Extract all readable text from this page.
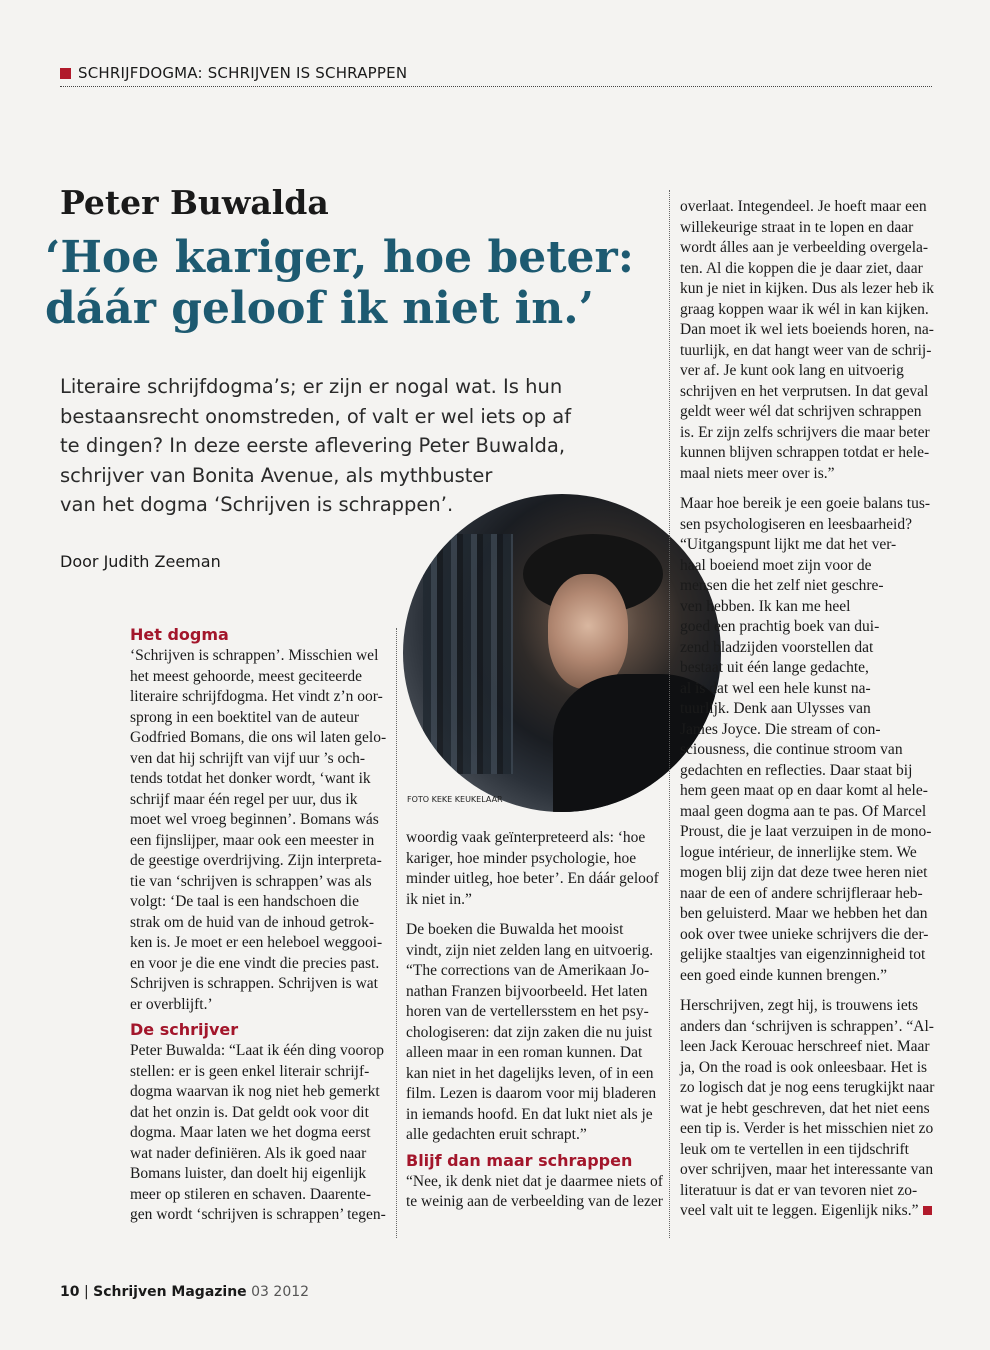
SCHRIJFDOGMA: SCHRIJVEN IS SCHRAPPEN
Peter Buwalda
‘Hoe kariger, hoe beter:
dáár geloof ik niet in.’
Literaire schrijfdogma’s; er zijn er nogal wat. Is hun
bestaansrecht onomstreden, of valt er wel iets op af
te dingen? In deze eerste aflevering Peter Buwalda,
schrijver van Bonita Avenue, als mythbuster
van het dogma ‘Schrijven is schrappen’.
Door Judith Zeeman
FOTO KEKE KEUKELAAR
Het dogma
‘Schrijven is schrappen’. Misschien wel
het meest gehoorde, meest geciteerde
literaire schrijfdogma. Het vindt z’n oor-
sprong in een boektitel van de auteur
Godfried Bomans, die ons wil laten gelo-
ven dat hij schrijft van vijf uur ’s och-
tends totdat het donker wordt, ‘want ik
schrijf maar één regel per uur, dus ik
moet wel vroeg beginnen’. Bomans wás
een fijnslijper, maar ook een meester in
de geestige overdrijving. Zijn interpreta-
tie van ‘schrijven is schrappen’ was als
volgt: ‘De taal is een handschoen die
strak om de huid van de inhoud getrok-
ken is. Je moet er een heleboel weggooi-
en voor je die ene vindt die precies past.
Schrijven is schrappen. Schrijven is wat
er overblijft.’
De schrijver
Peter Buwalda: “Laat ik één ding voorop
stellen: er is geen enkel literair schrijf-
dogma waarvan ik nog niet heb gemerkt
dat het onzin is. Dat geldt ook voor dit
dogma. Maar laten we het dogma eerst
wat nader definiëren. Als ik goed naar
Bomans luister, dan doelt hij eigenlijk
meer op stileren en schaven. Daarente-
gen wordt ‘schrijven is schrappen’ tegen-
woordig vaak geïnterpreteerd als: ‘hoe
kariger, hoe minder psychologie, hoe
minder uitleg, hoe beter’. En dáár geloof
ik niet in.”
De boeken die Buwalda het mooist
vindt, zijn niet zelden lang en uitvoerig.
“The corrections van de Amerikaan Jo-
nathan Franzen bijvoorbeeld. Het laten
horen van de vertellersstem en het psy-
chologiseren: dat zijn zaken die nu juist
alleen maar in een roman kunnen. Dat
kan niet in het dagelijks leven, of in een
film. Lezen is daarom voor mij bladeren
in iemands hoofd. En dat lukt niet als je
alle gedachten eruit schrapt.”
Blijf dan maar schrappen
“Nee, ik denk niet dat je daarmee niets of
te weinig aan de verbeelding van de lezer
overlaat. Integendeel. Je hoeft maar een
willekeurige straat in te lopen en daar
wordt álles aan je verbeelding overgela-
ten. Al die koppen die je daar ziet, daar
kun je niet in kijken. Dus als lezer heb ik
graag koppen waar ik wél in kan kijken.
Dan moet ik wel iets boeiends horen, na-
tuurlijk, en dat hangt weer van de schrij-
ver af. Je kunt ook lang en uitvoerig
schrijven en het verprutsen. In dat geval
geldt weer wél dat schrijven schrappen
is. Er zijn zelfs schrijvers die maar beter
kunnen blijven schrappen totdat er hele-
maal niets meer over is.”
Maar hoe bereik je een goeie balans tus-
sen psychologiseren en leesbaarheid?
“Uitgangspunt lijkt me dat het ver-
haal boeiend moet zijn voor de
mensen die het zelf niet geschre-
ven hebben. Ik kan me heel
goed een prachtig boek van dui-
zend bladzijden voorstellen dat
bestaat uit één lange gedachte,
al is dat wel een hele kunst na-
tuurlijk. Denk aan Ulysses van
James Joyce. Die stream of con-
sciousness, die continue stroom van
gedachten en reflecties. Daar staat bij
hem geen maat op en daar komt al hele-
maal geen dogma aan te pas. Of Marcel
Proust, die je laat verzuipen in de mono-
logue intérieur, de innerlijke stem. We
mogen blij zijn dat deze twee heren niet
naar de een of andere schrijfleraar heb-
ben geluisterd. Maar we hebben het dan
ook over twee unieke schrijvers die der-
gelijke staaltjes van eigenzinnigheid tot
een goed einde kunnen brengen.”
Herschrijven, zegt hij, is trouwens iets
anders dan ‘schrijven is schrappen’. “Al-
leen Jack Kerouac herschreef niet. Maar
ja, On the road is ook onleesbaar. Het is
zo logisch dat je nog eens terugkijkt naar
wat je hebt geschreven, dat het niet eens
een tip is. Verder is het misschien niet zo
leuk om te vertellen in een tijdschrift
over schrijven, maar het interessante van
literatuur is dat er van tevoren niet zo-
veel valt uit te leggen. Eigenlijk niks.”
10 | Schrijven Magazine 03 2012
